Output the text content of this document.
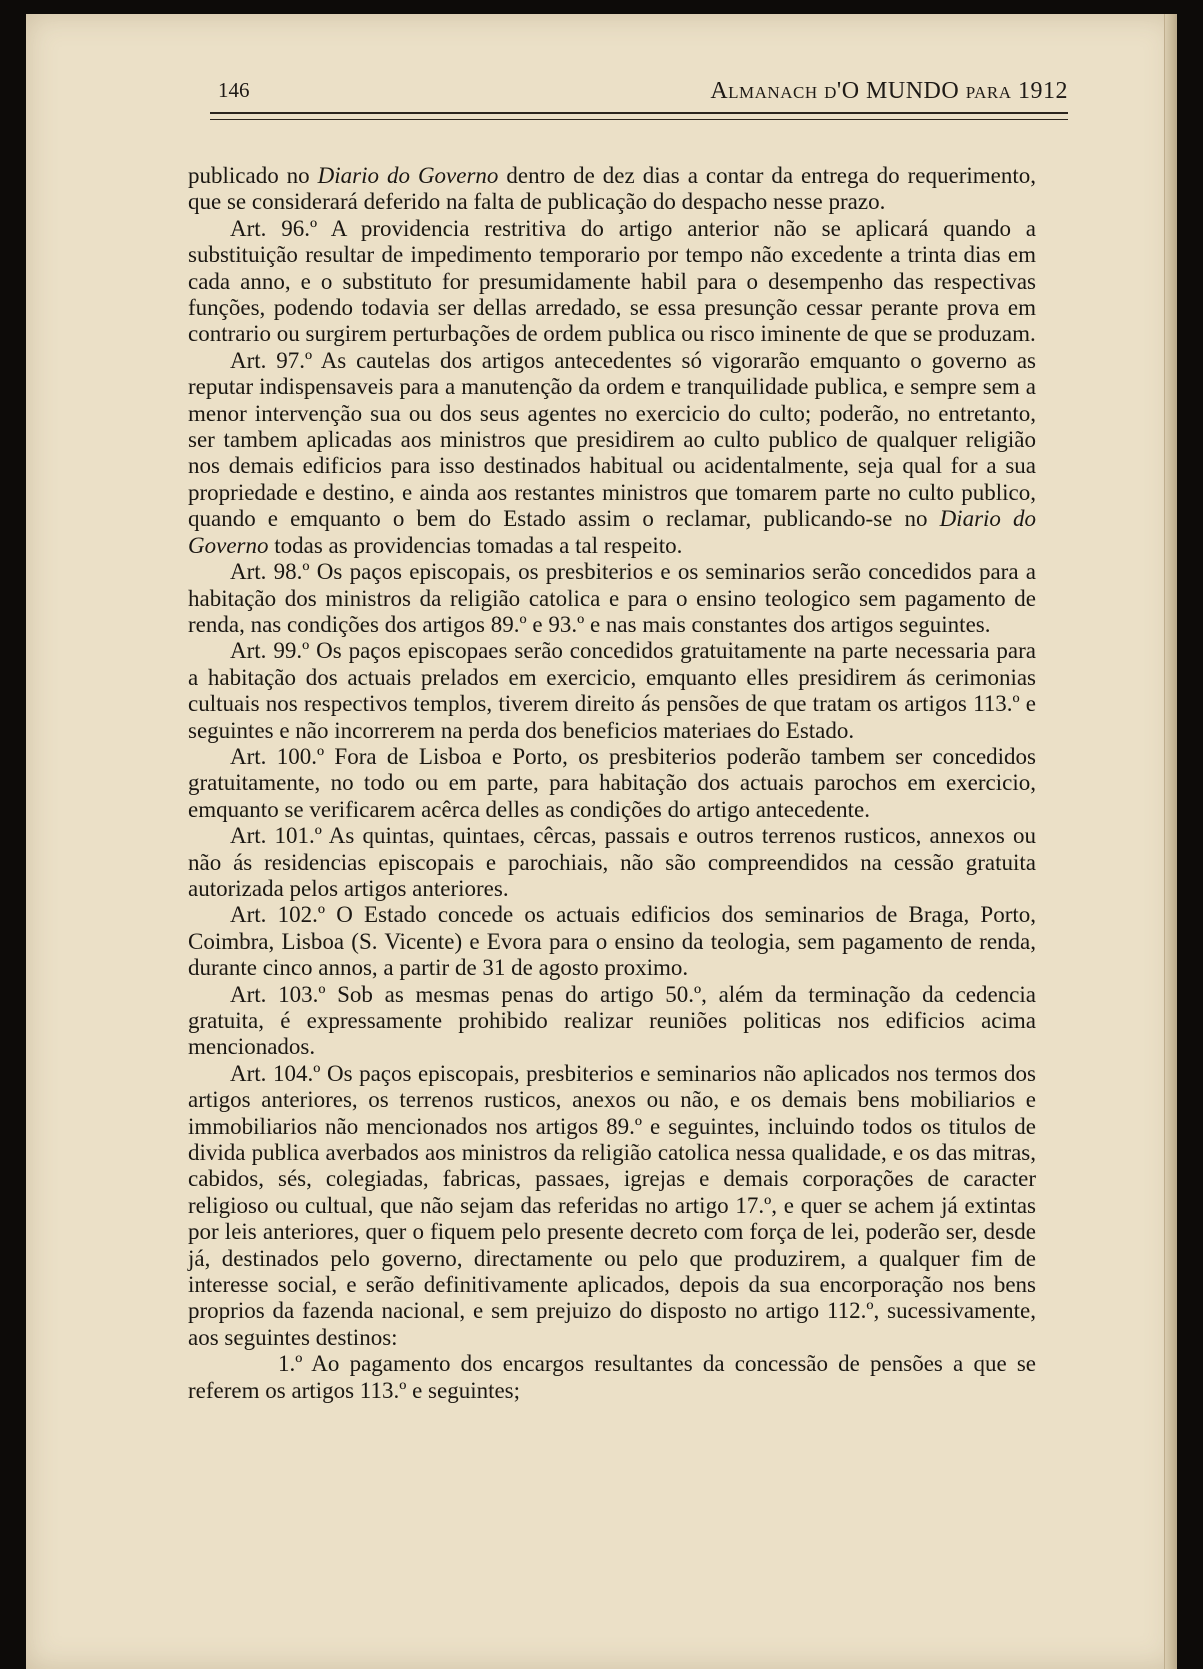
146	Almanach d'O MUNDO para 1912

publicado no Diario do Governo dentro de dez dias a contar da entrega do requerimento, que se considerará deferido na falta de publicação do despacho nesse prazo.

Art. 96.º A providencia restritiva do artigo anterior não se aplicará quando a substituição resultar de impedimento temporario por tempo não excedente a trinta dias em cada anno, e o substituto for presumidamente habil para o desempenho das respectivas funções, podendo todavia ser dellas arredado, se essa presunção cessar perante prova em contrario ou surgirem perturbações de ordem publica ou risco iminente de que se produzam.

Art. 97.º As cautelas dos artigos antecedentes só vigorarão emquanto o governo as reputar indispensaveis para a manutenção da ordem e tranquilidade publica, e sempre sem a menor intervenção sua ou dos seus agentes no exercicio do culto; poderão, no entretanto, ser tambem aplicadas aos ministros que presidirem ao culto publico de qualquer religião nos demais edificios para isso destinados habitual ou acidentalmente, seja qual for a sua propriedade e destino, e ainda aos restantes ministros que tomarem parte no culto publico, quando e emquanto o bem do Estado assim o reclamar, publicando-se no Diario do Governo todas as providencias tomadas a tal respeito.

Art. 98.º Os paços episcopais, os presbiterios e os seminarios serão concedidos para a habitação dos ministros da religião catolica e para o ensino teologico sem pagamento de renda, nas condições dos artigos 89.º e 93.º e nas mais constantes dos artigos seguintes.

Art. 99.º Os paços episcopaes serão concedidos gratuitamente na parte necessaria para a habitação dos actuais prelados em exercicio, emquanto elles presidirem ás cerimonias cultuais nos respectivos templos, tiverem direito ás pensões de que tratam os artigos 113.º e seguintes e não incorrerem na perda dos beneficios materiaes do Estado.

Art. 100.º Fora de Lisboa e Porto, os presbiterios poderão tambem ser concedidos gratuitamente, no todo ou em parte, para habitação dos actuais parochos em exercicio, emquanto se verificarem acêrca delles as condições do artigo antecedente.

Art. 101.º As quintas, quintaes, cêrcas, passais e outros terrenos rusticos, annexos ou não ás residencias episcopais e parochiais, não são compreendidos na cessão gratuita autorizada pelos artigos anteriores.

Art. 102.º O Estado concede os actuais edificios dos seminarios de Braga, Porto, Coimbra, Lisboa (S. Vicente) e Evora para o ensino da teologia, sem pagamento de renda, durante cinco annos, a partir de 31 de agosto proximo.

Art. 103.º Sob as mesmas penas do artigo 50.º, além da terminação da cedencia gratuita, é expressamente prohibido realizar reuniões politicas nos edificios acima mencionados.

Art. 104.º Os paços episcopais, presbiterios e seminarios não aplicados nos termos dos artigos anteriores, os terrenos rusticos, anexos ou não, e os demais bens mobiliarios e immobiliarios não mencionados nos artigos 89.º e seguintes, incluindo todos os titulos de divida publica averbados aos ministros da religião catolica nessa qualidade, e os das mitras, cabidos, sés, colegiadas, fabricas, passaes, igrejas e demais corporações de caracter religioso ou cultual, que não sejam das referidas no artigo 17.º, e quer se achem já extintas por leis anteriores, quer o fiquem pelo presente decreto com força de lei, poderão ser, desde já, destinados pelo governo, directamente ou pelo que produzirem, a qualquer fim de interesse social, e serão definitivamente aplicados, depois da sua encorporação nos bens proprios da fazenda nacional, e sem prejuizo do disposto no artigo 112.º, sucessivamente, aos seguintes destinos:

1.º Ao pagamento dos encargos resultantes da concessão de pensões a que se referem os artigos 113.º e seguintes;
